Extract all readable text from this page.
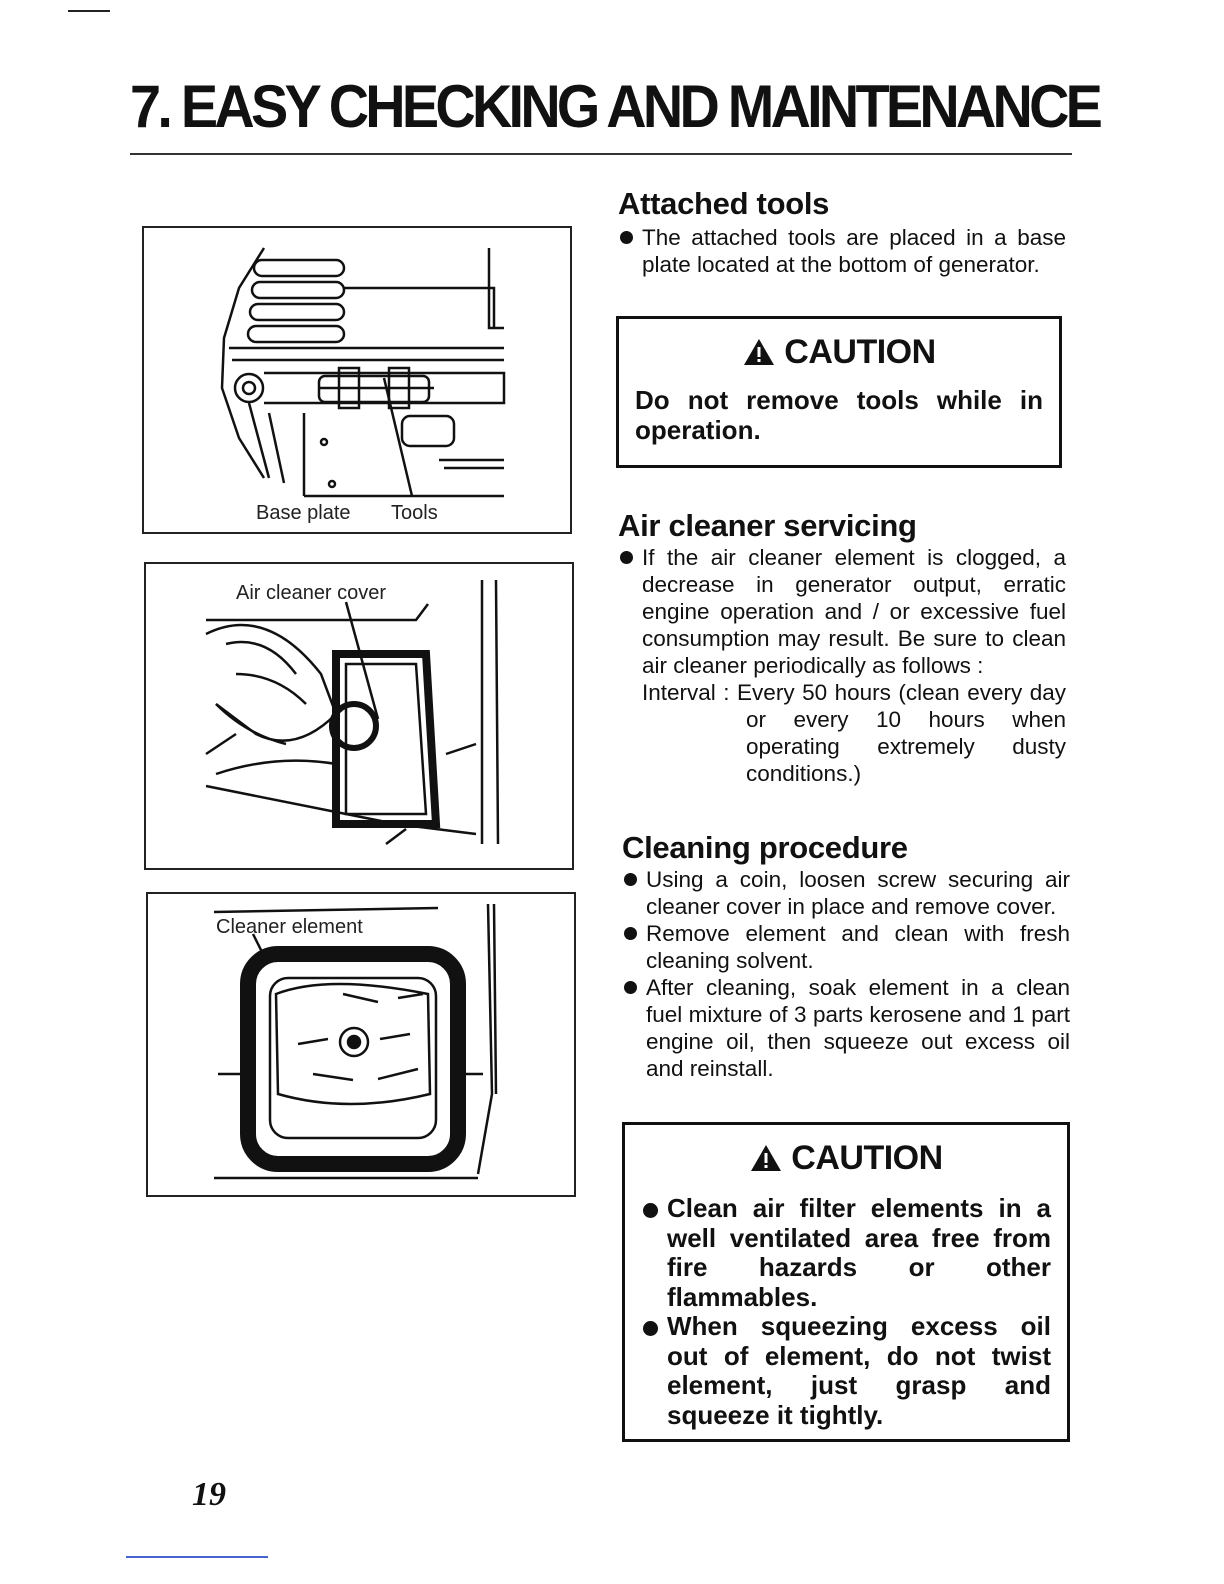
7. EASY CHECKING AND MAINTENANCE
Base plate Tools
Air cleaner cover
Cleaner element
Attached tools
The attached tools are placed in a base plate located at the bottom of generator.
CAUTION
Do not remove tools while in operation.
Air cleaner servicing
If the air cleaner element is clogged, a decrease in generator output, erratic engine operation and / or excessive fuel consumption may result. Be sure to clean air cleaner periodically as follows :
Interval : Every 50 hours (clean every day or every 10 hours when operating extremely dusty conditions.)
Cleaning procedure
Using a coin, loosen screw securing air cleaner cover in place and remove cover.
Remove element and clean with fresh cleaning solvent.
After cleaning, soak element in a clean fuel mixture of 3 parts kerosene and 1 part engine oil, then squeeze out excess oil and reinstall.
CAUTION
Clean air filter elements in a well ventilated area free from fire hazards or other flammables.
When squeezing excess oil out of element, do not twist element, just grasp and squeeze it tightly.
19
